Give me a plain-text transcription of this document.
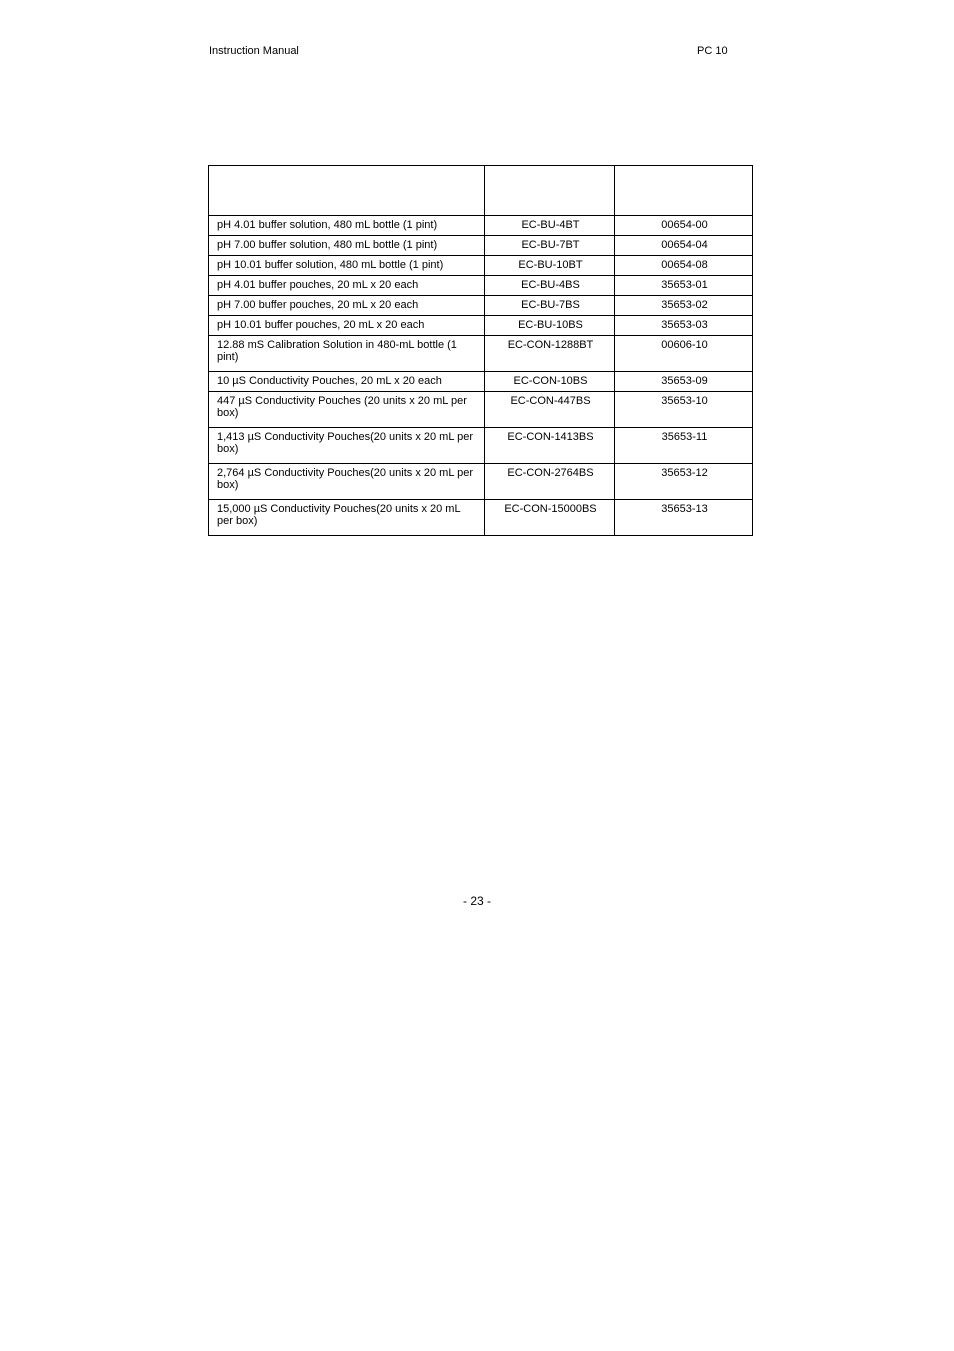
Instruction Manual	PC 10

pH 4.01 buffer solution, 480 mL bottle (1 pint)	EC-BU-4BT	00654-00
pH 7.00 buffer solution, 480 mL bottle (1 pint)	EC-BU-7BT	00654-04
pH 10.01 buffer solution, 480 mL bottle (1 pint)	EC-BU-10BT	00654-08
pH 4.01 buffer pouches, 20 mL x 20 each	EC-BU-4BS	35653-01
pH 7.00 buffer pouches, 20 mL x 20 each	EC-BU-7BS	35653-02
pH 10.01 buffer pouches, 20 mL x 20 each	EC-BU-10BS	35653-03
12.88 mS Calibration Solution in 480-mL bottle (1 pint)	EC-CON-1288BT	00606-10
10 µS Conductivity Pouches, 20 mL x 20 each	EC-CON-10BS	35653-09
447 µS Conductivity Pouches (20 units x 20 mL per box)	EC-CON-447BS	35653-10
1,413 µS Conductivity Pouches(20 units x 20 mL per box)	EC-CON-1413BS	35653-11
2,764 µS Conductivity Pouches(20 units x 20 mL per box)	EC-CON-2764BS	35653-12
15,000 µS Conductivity Pouches(20 units x 20 mL per box)	EC-CON-15000BS	35653-13
- 23 -
